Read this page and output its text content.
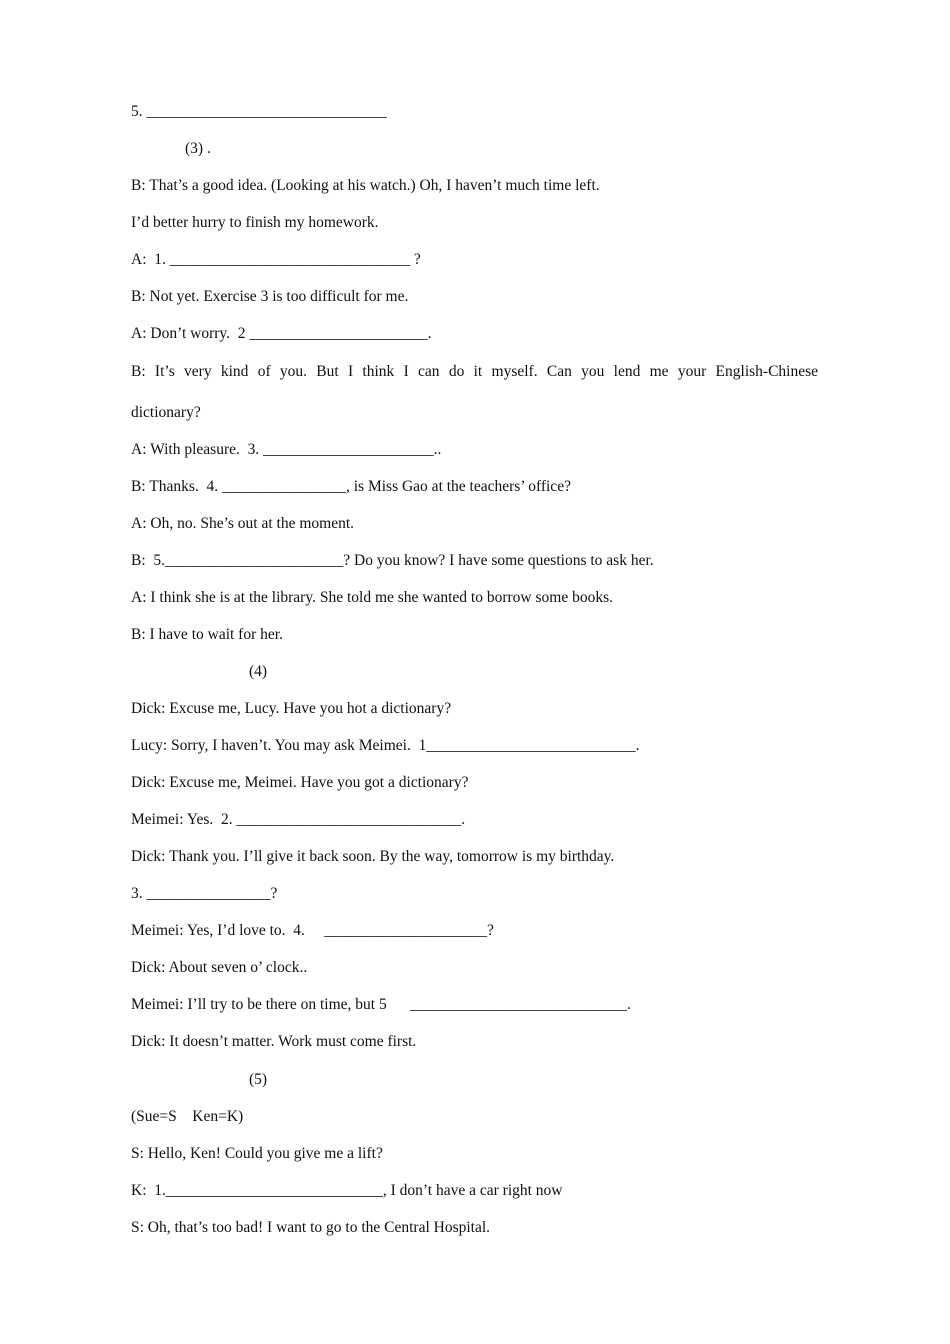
5. _______________________________
(3) .
B: That’s a good idea. (Looking at his watch.) Oh, I haven’t much time left.
I’d better hurry to finish my homework.
A:  1. _______________________________ ?
B: Not yet. Exercise 3 is too difficult for me.
A: Don’t worry.  2 _______________________.
B: It’s very kind of you. But I think I can do it myself. Can you lend me your English-Chinese
dictionary?
A: With pleasure.  3. ______________________..
B: Thanks.  4. ________________, is Miss Gao at the teachers’ office?
A: Oh, no. She’s out at the moment.
B:  5._______________________? Do you know? I have some questions to ask her.
A: I think she is at the library. She told me she wanted to borrow some books.
B: I have to wait for her.
(4)
Dick: Excuse me, Lucy. Have you hot a dictionary?
Lucy: Sorry, I haven’t. You may ask Meimei.  1___________________________.
Dick: Excuse me, Meimei. Have you got a dictionary?
Meimei: Yes.  2. _____________________________.
Dick: Thank you. I’ll give it back soon. By the way, tomorrow is my birthday.
3. ________________?
Meimei: Yes, I’d love to.  4.     _____________________?
Dick: About seven o’ clock..
Meimei: I’ll try to be there on time, but 5      ____________________________.
Dick: It doesn’t matter. Work must come first.
(5)
(Sue=S    Ken=K)
S: Hello, Ken! Could you give me a lift?
K:  1.____________________________, I don’t have a car right now
S: Oh, that’s too bad! I want to go to the Central Hospital.
